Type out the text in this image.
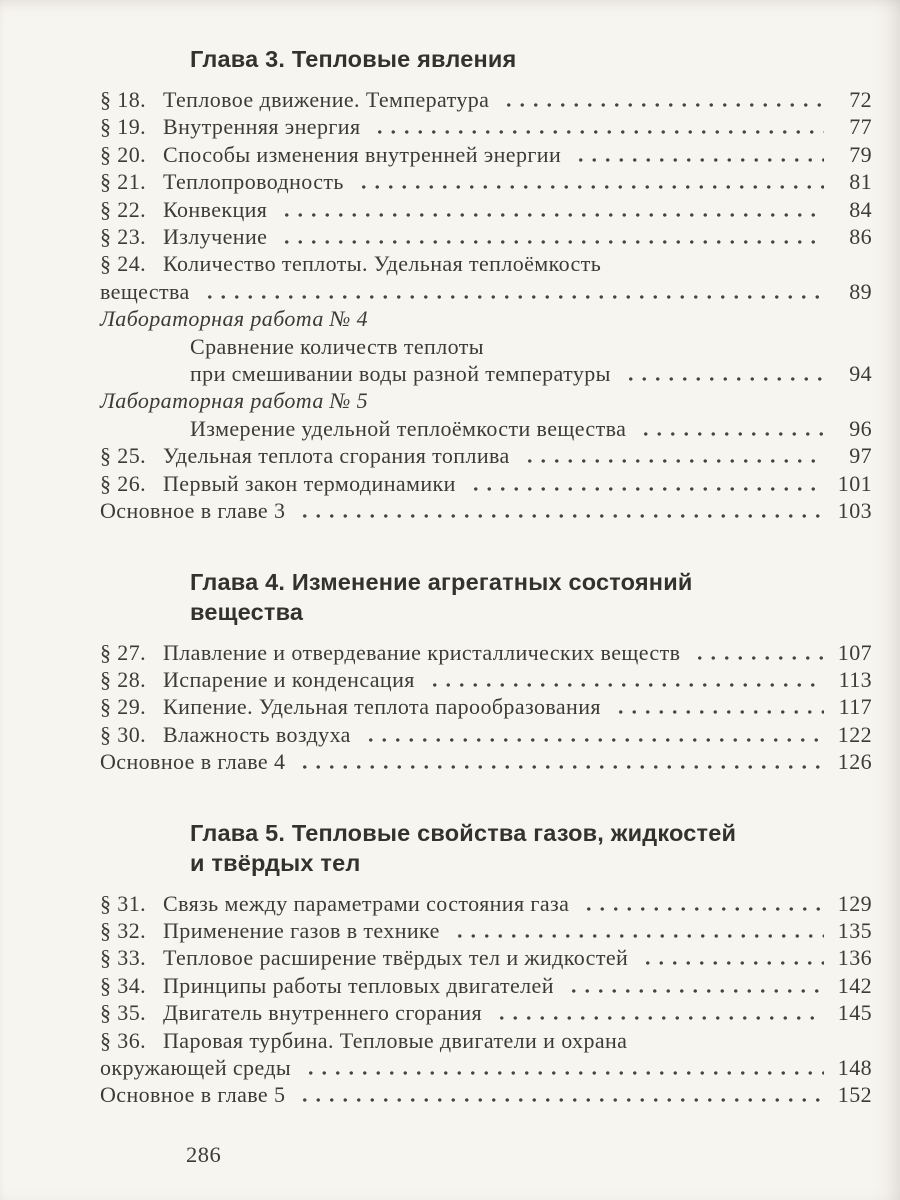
Глава 3. Тепловые явления
§ 18. Тепловое движение. Температура	72
§ 19. Внутренняя энергия	77
§ 20. Способы изменения внутренней энергии	79
§ 21. Теплопроводность	81
§ 22. Конвекция	84
§ 23. Излучение	86
§ 24. Количество теплоты. Удельная теплоёмкость
вещества	89
Лабораторная работа № 4
Сравнение количеств теплоты
при смешивании воды разной температуры	94
Лабораторная работа № 5
Измерение удельной теплоёмкости вещества	96
§ 25. Удельная теплота сгорания топлива	97
§ 26. Первый закон термодинамики	101
Основное в главе 3	103
Глава 4. Изменение агрегатных состояний
вещества
§ 27. Плавление и отвердевание кристаллических веществ	107
§ 28. Испарение и конденсация	113
§ 29. Кипение. Удельная теплота парообразования	117
§ 30. Влажность воздуха	122
Основное в главе 4	126
Глава 5. Тепловые свойства газов, жидкостей
и твёрдых тел
§ 31. Связь между параметрами состояния газа	129
§ 32. Применение газов в технике	135
§ 33. Тепловое расширение твёрдых тел и жидкостей	136
§ 34. Принципы работы тепловых двигателей	142
§ 35. Двигатель внутреннего сгорания	145
§ 36. Паровая турбина. Тепловые двигатели и охрана
окружающей среды	148
Основное в главе 5	152
286
